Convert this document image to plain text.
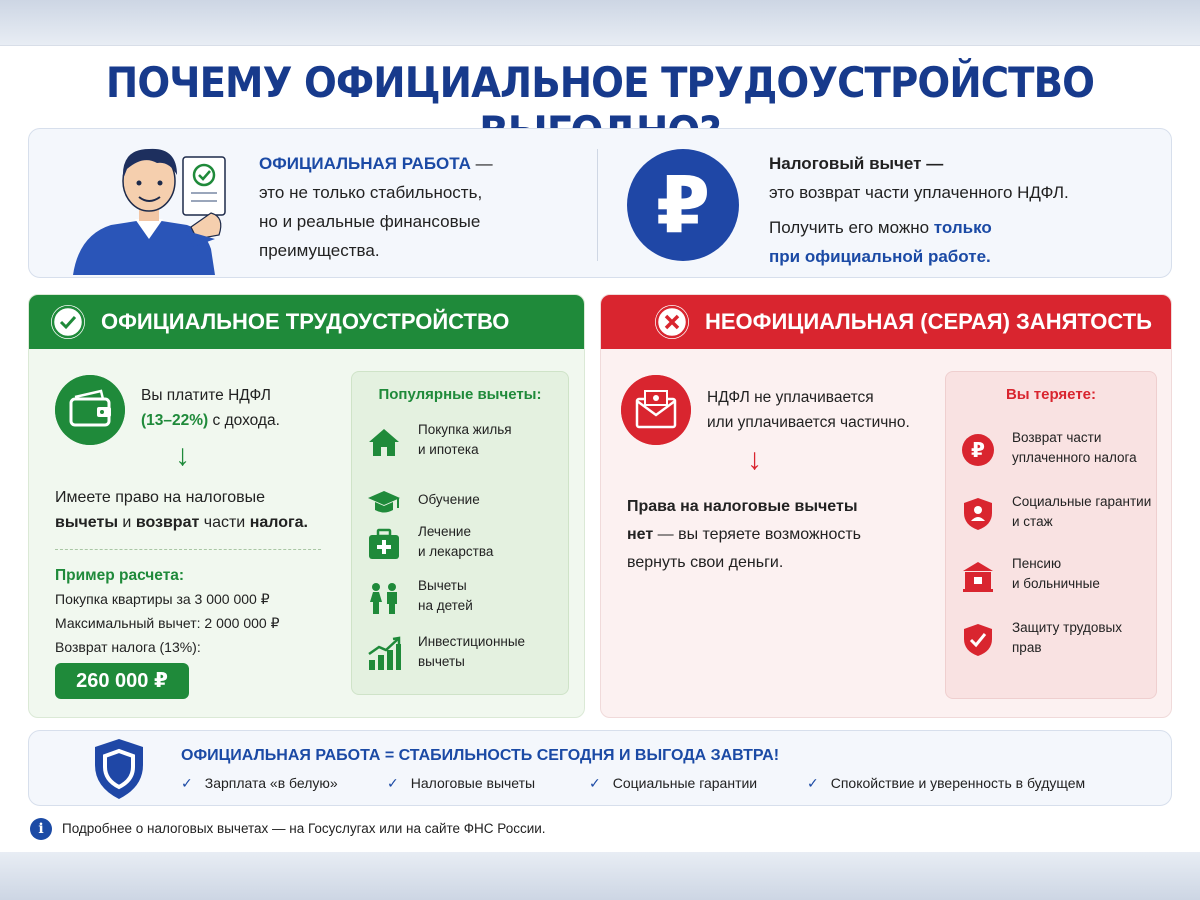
ПОЧЕМУ ОФИЦИАЛЬНОЕ ТРУДОУСТРОЙСТВО
ОФИЦИАЛЬНАЯ РАБОТА —
это не только стабильность,
но и реальные финансовые
преимущества.
₽	Налоговый вычет —
это возврат части уплаченного НДФЛ.
Получить его можно только
при официальной работе.
ОФИЦИАЛЬНОЕ ТРУДОУСТРОЙСТВО
Вы платите НДФЛ
(13–22%) с дохода.
↓
Имеете право на налоговые
вычеты и возврат части налога.
Пример расчета:
Покупка квартиры за 3 000 000 ₽
Максимальный вычет: 2 000 000 ₽
Возврат налога (13%):
260 000 ₽
Популярные вычеты:
Покупка жилья
и ипотека
Обучение
Лечение
и лекарства
Вычеты
на детей
Инвестиционные
вычеты
НЕОФИЦИАЛЬНАЯ (СЕРАЯ) ЗАНЯТОСТЬ
НДФЛ не уплачивается
или уплачивается частично.
↓
Права на налоговые вычеты
нет — вы теряете возможность
вернуть свои деньги.
Вы теряете:
₽
Возврат части
уплаченного налога
Социальные гарантии
и стаж
Пенсию
и больничные
Защиту трудовых
прав
ОФИЦИАЛЬНАЯ РАБОТА = СТАБИЛЬНОСТЬ СЕГОДНЯ И ВЫГОДА ЗАВТРА!
✓ Зарплата «в белую»	✓ Налоговые вычеты	✓ Социальные гарантии	✓ Спокойствие и уверенность в будущем
i	Подробнее о налоговых вычетах — на Госуслугах или на сайте ФНС России.
